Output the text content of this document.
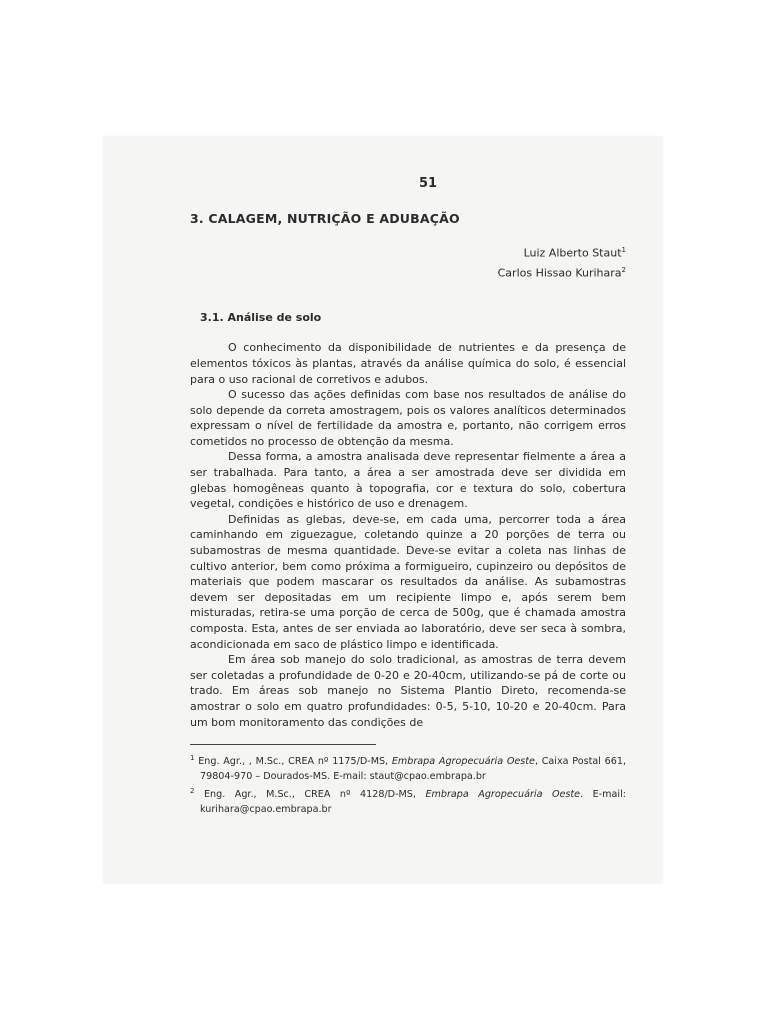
51
3. CALAGEM, NUTRIÇÃO E ADUBAÇÃO
Luiz Alberto Staut$^1$
Carlos Hissao Kurihara$^2$
3.1. Análise de solo

O conhecimento da disponibilidade de nutrientes e da presença de elementos tóxicos às plantas, através da análise química do solo, é essencial para o uso racional de corretivos e adubos.

O sucesso das ações definidas com base nos resultados de análise do solo depende da correta amostragem, pois os valores analíticos determinados expressam o nível de fertilidade da amostra e, portanto, não corrigem erros cometidos no processo de obtenção da mesma.

Dessa forma, a amostra analisada deve representar fielmente a área a ser trabalhada. Para tanto, a área a ser amostrada deve ser dividida em glebas homogêneas quanto à topografia, cor e textura do solo, cobertura vegetal, condições e histórico de uso e drenagem.

Definidas as glebas, deve-se, em cada uma, percorrer toda a área caminhando em ziguezague, coletando quinze a 20 porções de terra ou subamostras de mesma quantidade. Deve-se evitar a coleta nas linhas de cultivo anterior, bem como próxima a formigueiro, cupinzeiro ou depósitos de materiais que podem mascarar os resultados da análise. As subamostras devem ser depositadas em um recipiente limpo e, após serem bem misturadas, retira-se uma porção de cerca de 500g, que é chamada amostra composta. Esta, antes de ser enviada ao laboratório, deve ser seca à sombra, acondicionada em saco de plástico limpo e identificada.

Em área sob manejo do solo tradicional, as amostras de terra devem ser coletadas a profundidade de 0-20 e 20-40cm, utilizando-se pá de corte ou trado. Em áreas sob manejo no Sistema Plantio Direto, recomenda-se amostrar o solo em quatro profundidades: 0-5, 5-10, 10-20 e 20-40cm. Para um bom monitoramento das condições de

$^1$ Eng. Agr., , M.Sc., CREA nº 1175/D-MS, Embrapa Agropecuária Oeste, Caixa Postal 661, 79804-970 – Dourados-MS. E-mail: staut@cpao.embrapa.br

$^2$ Eng. Agr., M.Sc., CREA nº 4128/D-MS, Embrapa Agropecuária Oeste. E-mail: kurihara@cpao.embrapa.br
